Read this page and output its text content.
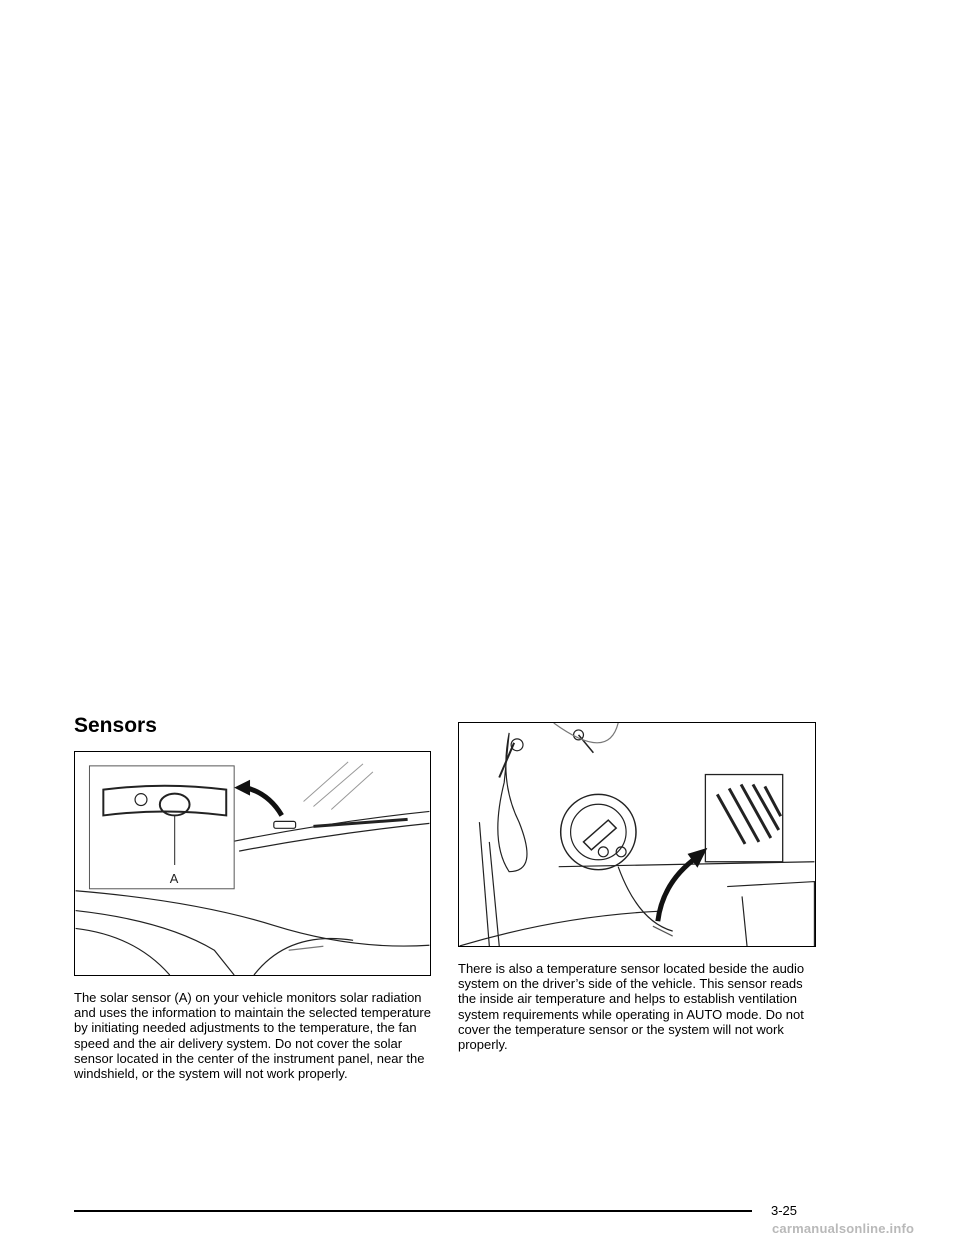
Sensors
A

The solar sensor (A) on your vehicle monitors solar radiation and uses the information to maintain the selected temperature by initiating needed adjustments to the temperature, the fan speed and the air delivery system. Do not cover the solar sensor located in the center of the instrument panel, near the windshield, or the system will not work properly.

There is also a temperature sensor located beside the audio system on the driver’s side of the vehicle. This sensor reads the inside air temperature and helps to establish ventilation system requirements while operating in AUTO mode. Do not cover the temperature sensor or the system will not work properly.

3-25
carmanualsonline.info
